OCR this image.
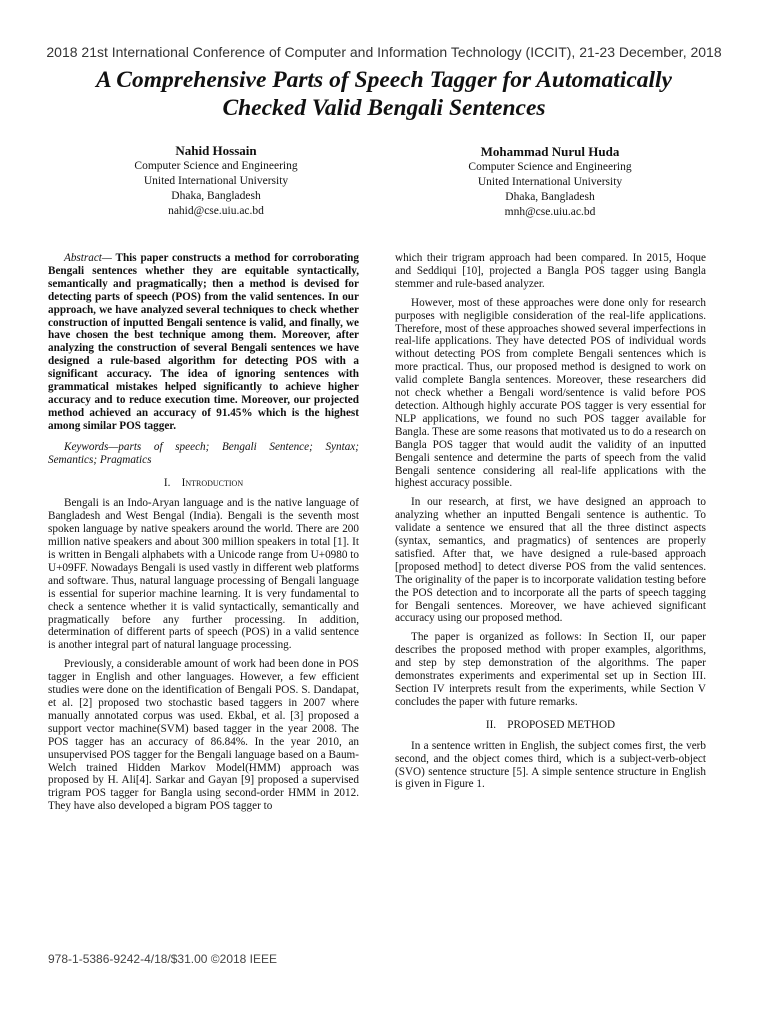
2018 21st International Conference of Computer and Information Technology (ICCIT), 21-23 December, 2018
A Comprehensive Parts of Speech Tagger for Automatically
Checked Valid Bengali Sentences
Nahid Hossain
Computer Science and Engineering
United International University
Dhaka, Bangladesh
nahid@cse.uiu.ac.bd
Mohammad Nurul Huda
Computer Science and Engineering
United International University
Dhaka, Bangladesh
mnh@cse.uiu.ac.bd

Abstract— This paper constructs a method for corroborating Bengali sentences whether they are equitable syntactically, semantically and pragmatically; then a method is devised for detecting parts of speech (POS) from the valid sentences. In our approach, we have analyzed several techniques to check whether construction of inputted Bengali sentence is valid, and finally, we have chosen the best technique among them. Moreover, after analyzing the construction of several Bengali sentences we have designed a rule-based algorithm for detecting POS with a significant accuracy. The idea of ignoring sentences with grammatical mistakes helped significantly to achieve higher accuracy and to reduce execution time. Moreover, our projected method achieved an accuracy of 91.45% which is the highest among similar POS tagger.

Keywords—parts of speech; Bengali Sentence; Syntax; Semantics; Pragmatics

I. Introduction

Bengali is an Indo-Aryan language and is the native language of Bangladesh and West Bengal (India). Bengali is the seventh most spoken language by native speakers around the world. There are 200 million native speakers and about 300 million speakers in total [1]. It is written in Bengali alphabets with a Unicode range from U+0980 to U+09FF. Nowadays Bengali is used vastly in different web platforms and software. Thus, natural language processing of Bengali language is essential for superior machine learning. It is very fundamental to check a sentence whether it is valid syntactically, semantically and pragmatically before any further processing. In addition, determination of different parts of speech (POS) in a valid sentence is another integral part of natural language processing.

Previously, a considerable amount of work had been done in POS tagger in English and other languages. However, a few efficient studies were done on the identification of Bengali POS. S. Dandapat, et al. [2] proposed two stochastic based taggers in 2007 where manually annotated corpus was used. Ekbal, et al. [3] proposed a support vector machine(SVM) based tagger in the year 2008. The POS tagger has an accuracy of 86.84%. In the year 2010, an unsupervised POS tagger for the Bengali language based on a Baum-Welch trained Hidden Markov Model(HMM) approach was proposed by H. Ali[4]. Sarkar and Gayan [9] proposed a supervised trigram POS tagger for Bangla using second-order HMM in 2012. They have also developed a bigram POS tagger to

which their trigram approach had been compared. In 2015, Hoque and Seddiqui [10], projected a Bangla POS tagger using Bangla stemmer and rule-based analyzer.

However, most of these approaches were done only for research purposes with negligible consideration of the real-life applications. Therefore, most of these approaches showed several imperfections in real-life applications. They have detected POS of individual words without detecting POS from complete Bengali sentences which is more practical. Thus, our proposed method is designed to work on valid complete Bangla sentences. Moreover, these researchers did not check whether a Bengali word/sentence is valid before POS detection. Although highly accurate POS tagger is very essential for NLP applications, we found no such POS tagger available for Bangla. These are some reasons that motivated us to do a research on Bangla POS tagger that would audit the validity of an inputted Bengali sentence and determine the parts of speech from the valid Bengali sentence considering all real-life applications with the highest accuracy possible.

In our research, at first, we have designed an approach to analyzing whether an inputted Bengali sentence is authentic. To validate a sentence we ensured that all the three distinct aspects (syntax, semantics, and pragmatics) of sentences are properly satisfied. After that, we have designed a rule-based approach [proposed method] to detect diverse POS from the valid sentences. The originality of the paper is to incorporate validation testing before the POS detection and to incorporate all the parts of speech tagging for Bengali sentences. Moreover, we have achieved significant accuracy using our proposed method.

The paper is organized as follows: In Section II, our paper describes the proposed method with proper examples, algorithms, and step by step demonstration of the algorithms. The paper demonstrates experiments and experimental set up in Section III. Section IV interprets result from the experiments, while Section V concludes the paper with future remarks.

II. PROPOSED METHOD

In a sentence written in English, the subject comes first, the verb second, and the object comes third, which is a subject-verb-object (SVO) sentence structure [5]. A simple sentence structure in English is given in Figure 1.

978-1-5386-9242-4/18/$31.00 ©2018 IEEE
